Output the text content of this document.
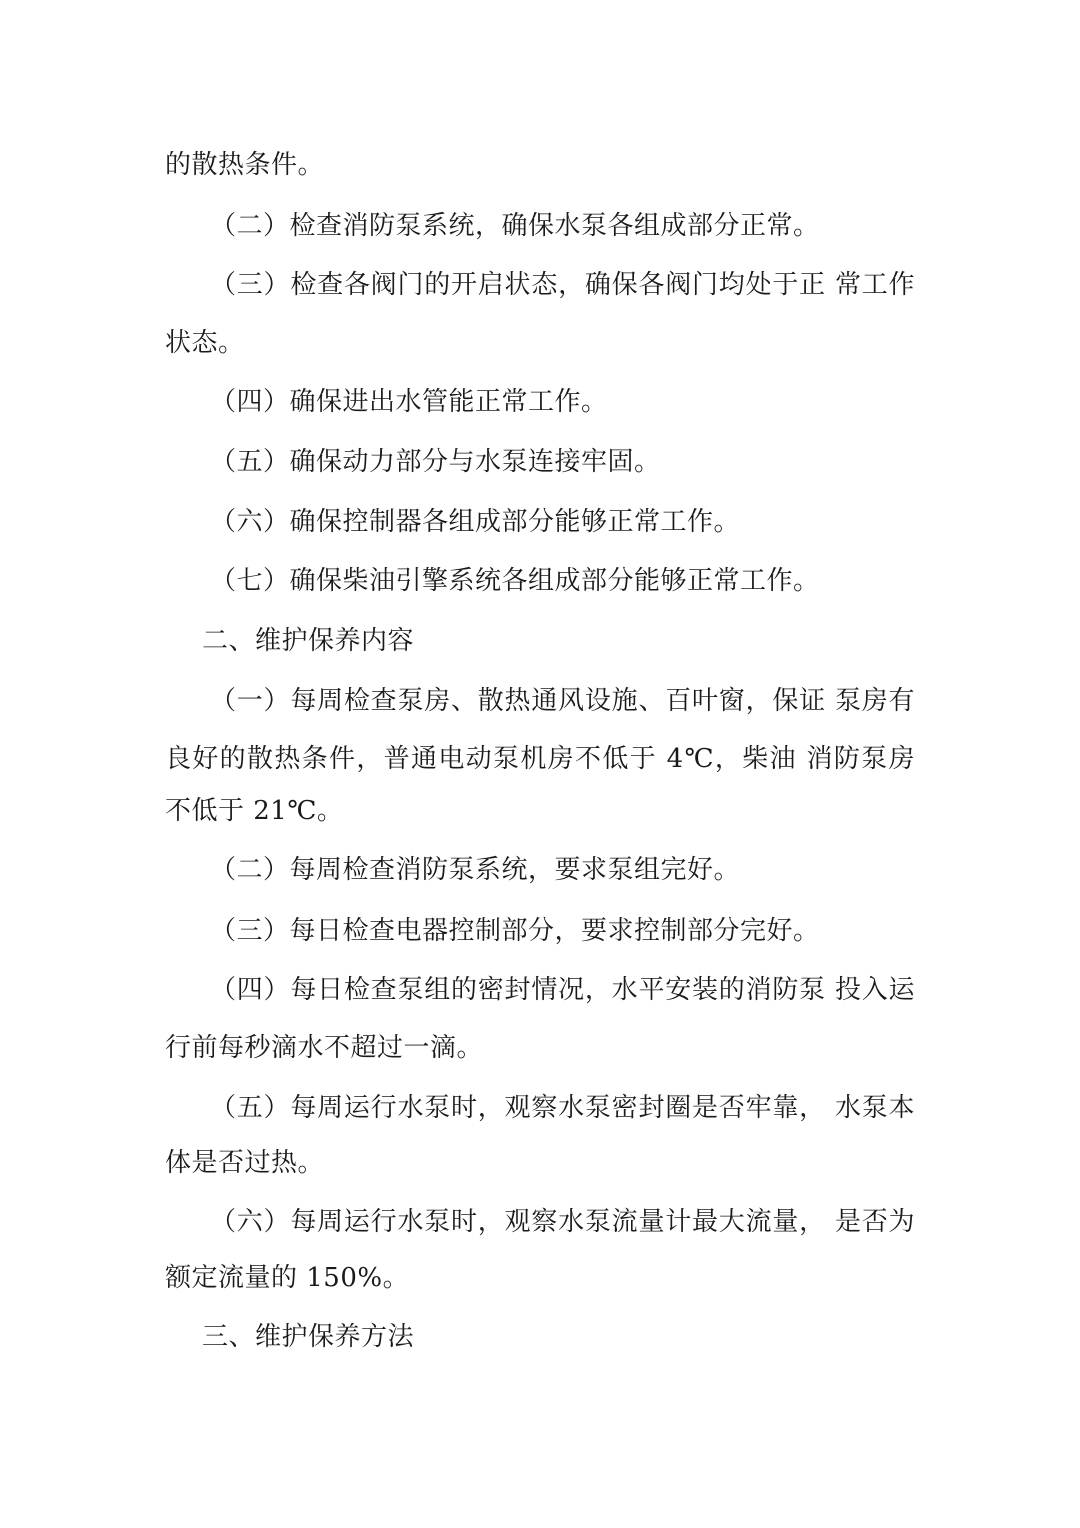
的散热条件。
（二）检查消防泵系统，确保水泵各组成部分正常。
（三）检查各阀门的开启状态，确保各阀门均处于正 常工作
状态。
（四）确保进出水管能正常工作。
（五）确保动力部分与水泵连接牢固。
（六）确保控制器各组成部分能够正常工作。
（七）确保柴油引擎系统各组成部分能够正常工作。
二、维护保养内容
（一）每周检查泵房、散热通风设施、百叶窗，保证 泵房有
良好的散热条件，普通电动泵机房不低于 4℃，柴油 消防泵房
不低于 21℃。
（二）每周检查消防泵系统，要求泵组完好。
（三）每日检查电器控制部分，要求控制部分完好。
（四）每日检查泵组的密封情况，水平安装的消防泵 投入运
行前每秒滴水不超过一滴。
（五）每周运行水泵时，观察水泵密封圈是否牢靠， 水泵本
体是否过热。
（六）每周运行水泵时，观察水泵流量计最大流量， 是否为
额定流量的 150%。
三、维护保养方法
